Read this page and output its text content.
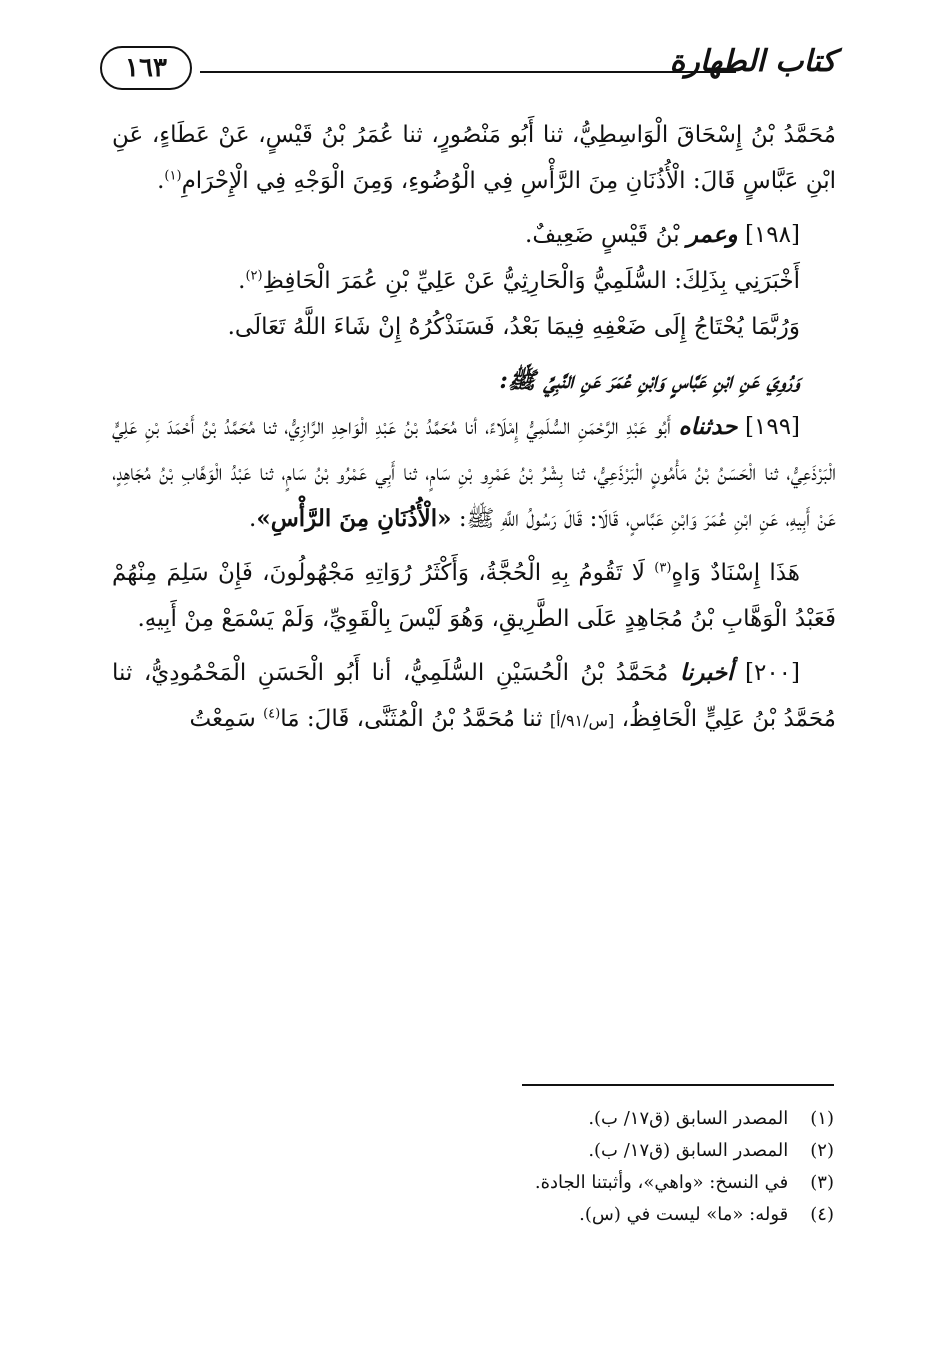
كتاب الطهارة
١٦٣

مُحَمَّدُ بْنُ إِسْحَاقَ الْوَاسِطِيُّ، ثنا أَبُو مَنْصُورٍ، ثنا عُمَرُ بْنُ قَيْسٍ، عَنْ عَطَاءٍ، عَنِ ابْنِ عَبَّاسٍ قَالَ: الْأُذُنَانِ مِنَ الرَّأْسِ فِي الْوُضُوءِ، وَمِنَ الْوَجْهِ فِي الْإِحْرَامِ$^{(١)}$.

[١٩٨] وعمر بْنُ قَيْسٍ ضَعِيفٌ.

أَخْبَرَنِي بِذَلِكَ: السُّلَمِيُّ وَالْحَارِثِيُّ عَنْ عَلِيِّ بْنِ عُمَرَ الْحَافِظِ$^{(٢)}$.

وَرُبَّمَا يُحْتَاجُ إِلَى ضَعْفِهِ فِيمَا بَعْدُ، فَسَنَذْكُرُهُ إِنْ شَاءَ اللَّهُ تَعَالَى.

وَرُوِيَ عَنِ ابْنِ عَبَّاسٍ وَابْنِ عُمَرَ عَنِ النَّبِيِّ ﷺ:

[١٩٩] حدثناه أَبُو عَبْدِ الرَّحْمَنِ السُّلَمِيُّ إِمْلَاءً، أنا مُحَمَّدُ بْنُ عَبْدِ الْوَاحِدِ الرَّازِيُّ، ثنا مُحَمَّدُ بْنُ أَحْمَدَ بْنِ عَلِيٍّ الْبَرْذَعِيُّ، ثنا الْحَسَنُ بْنُ مَأْمُونٍ الْبَرْذَعِيُّ، ثنا بِشْرُ بْنُ عَمْرِو بْنِ سَامٍ، ثنا أَبِي عَمْرُو بْنُ سَامٍ، ثنا عَبْدُ الْوَهَّابِ بْنُ مُجَاهِدٍ، عَنْ أَبِيهِ، عَنِ ابْنِ عُمَرَ وَابْنِ عَبَّاسٍ، قَالَا: قَالَ رَسُولُ اللَّهِ ﷺ: «الْأُذُنَانِ مِنَ الرَّأْسِ».

هَذَا إِسْنَادٌ وَاهٍ$^{(٣)}$ لَا تَقُومُ بِهِ الْحُجَّةُ، وَأَكْثَرُ رُوَاتِهِ مَجْهُولُونَ، فَإِنْ سَلِمَ مِنْهُمْ فَعَبْدُ الْوَهَّابِ بْنُ مُجَاهِدٍ عَلَى الطَّرِيقِ، وَهُوَ لَيْسَ بِالْقَوِيِّ، وَلَمْ يَسْمَعْ مِنْ أَبِيهِ.

[٢٠٠] أخبرنا مُحَمَّدُ بْنُ الْحُسَيْنِ السُّلَمِيُّ، أنا أَبُو الْحَسَنِ الْمَحْمُودِيُّ، ثنا مُحَمَّدُ بْنُ عَلِيٍّ الْحَافِظُ، [س/٩١/أ] ثنا مُحَمَّدُ بْنُ الْمُثَنَّى، قَالَ: مَا$^{(٤)}$ سَمِعْتُ

(١) المصدر السابق (ق١٧/ ب).

(٢) المصدر السابق (ق١٧/ ب).

(٣) في النسخ: «واهي»، وأثبتنا الجادة.

(٤) قوله: «ما» ليست في (س).
